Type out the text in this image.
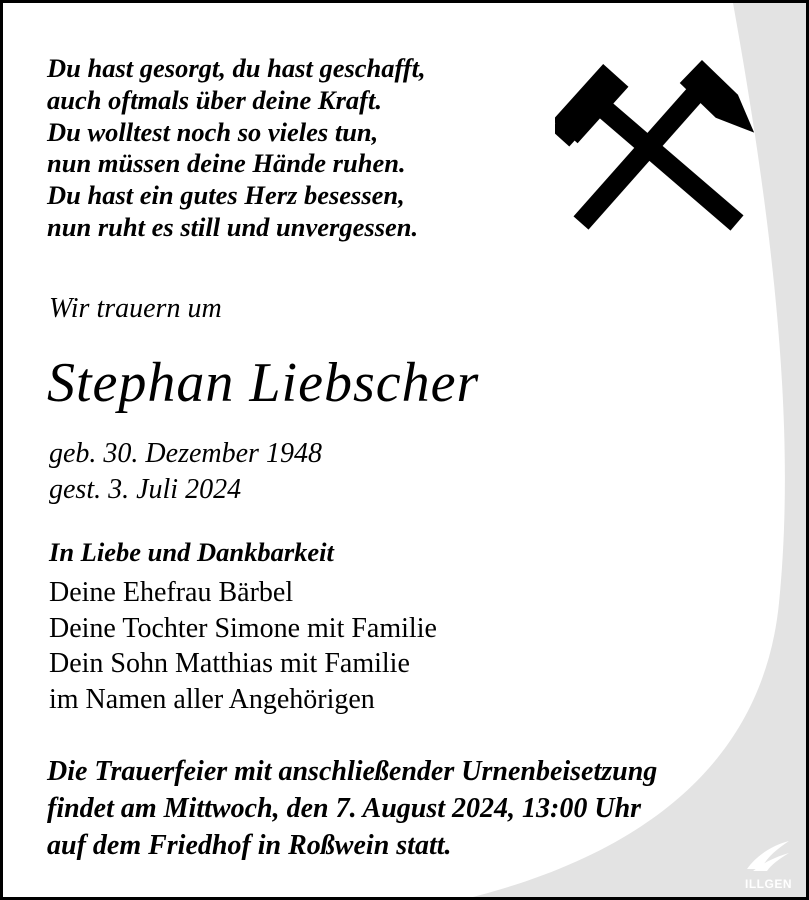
Du hast gesorgt, du hast geschafft,
auch oftmals über deine Kraft.
Du wolltest noch so vieles tun,
nun müssen deine Hände ruhen.
Du hast ein gutes Herz besessen,
nun ruht es still und unvergessen.
Wir trauern um
Stephan Liebscher
geb. 30. Dezember 1948
gest. 3. Juli 2024
In Liebe und Dankbarkeit
Deine Ehefrau Bärbel
Deine Tochter Simone mit Familie
Dein Sohn Matthias mit Familie
im Namen aller Angehörigen
Die Trauerfeier mit anschließender Urnenbeisetzung
findet am Mittwoch, den 7. August 2024, 13:00 Uhr
auf dem Friedhof in Roßwein statt.
ILLGEN
